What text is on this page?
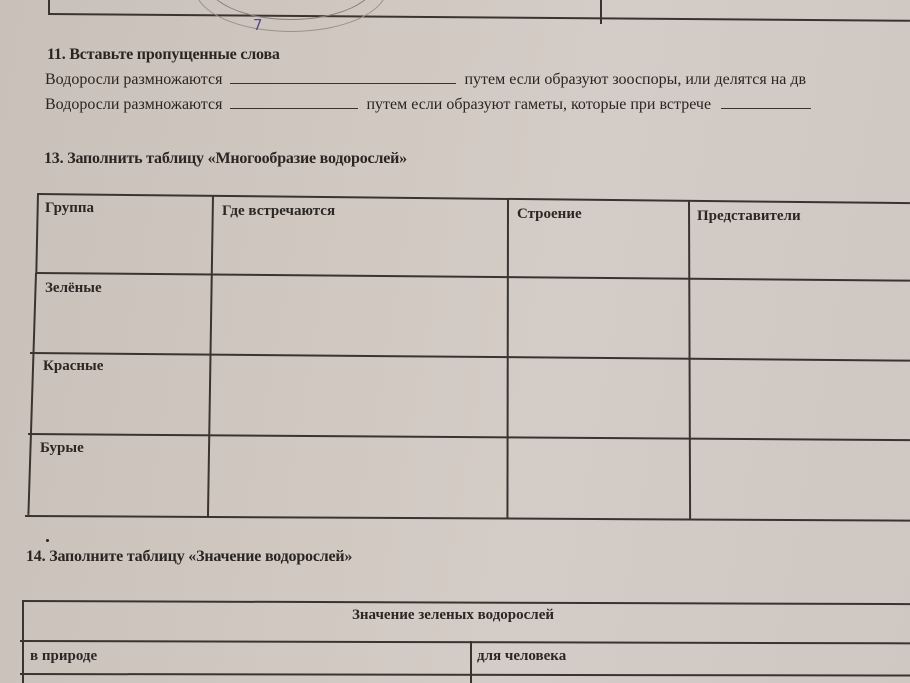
7
11. Вставьте пропущенные слова
Водоросли размножаются	путем если образуют зооспоры, или делятся на дв
Водоросли размножаются	путем если образуют гаметы, которые при встрече
13. Заполнить таблицу «Многообразие водорослей»
Группа	Где встречаются	Строение	Представители
Зелёные
Красные
Бурые
14. Заполните таблицу «Значение водорослей»
Значение зеленых водорослей
в природе	для человека
